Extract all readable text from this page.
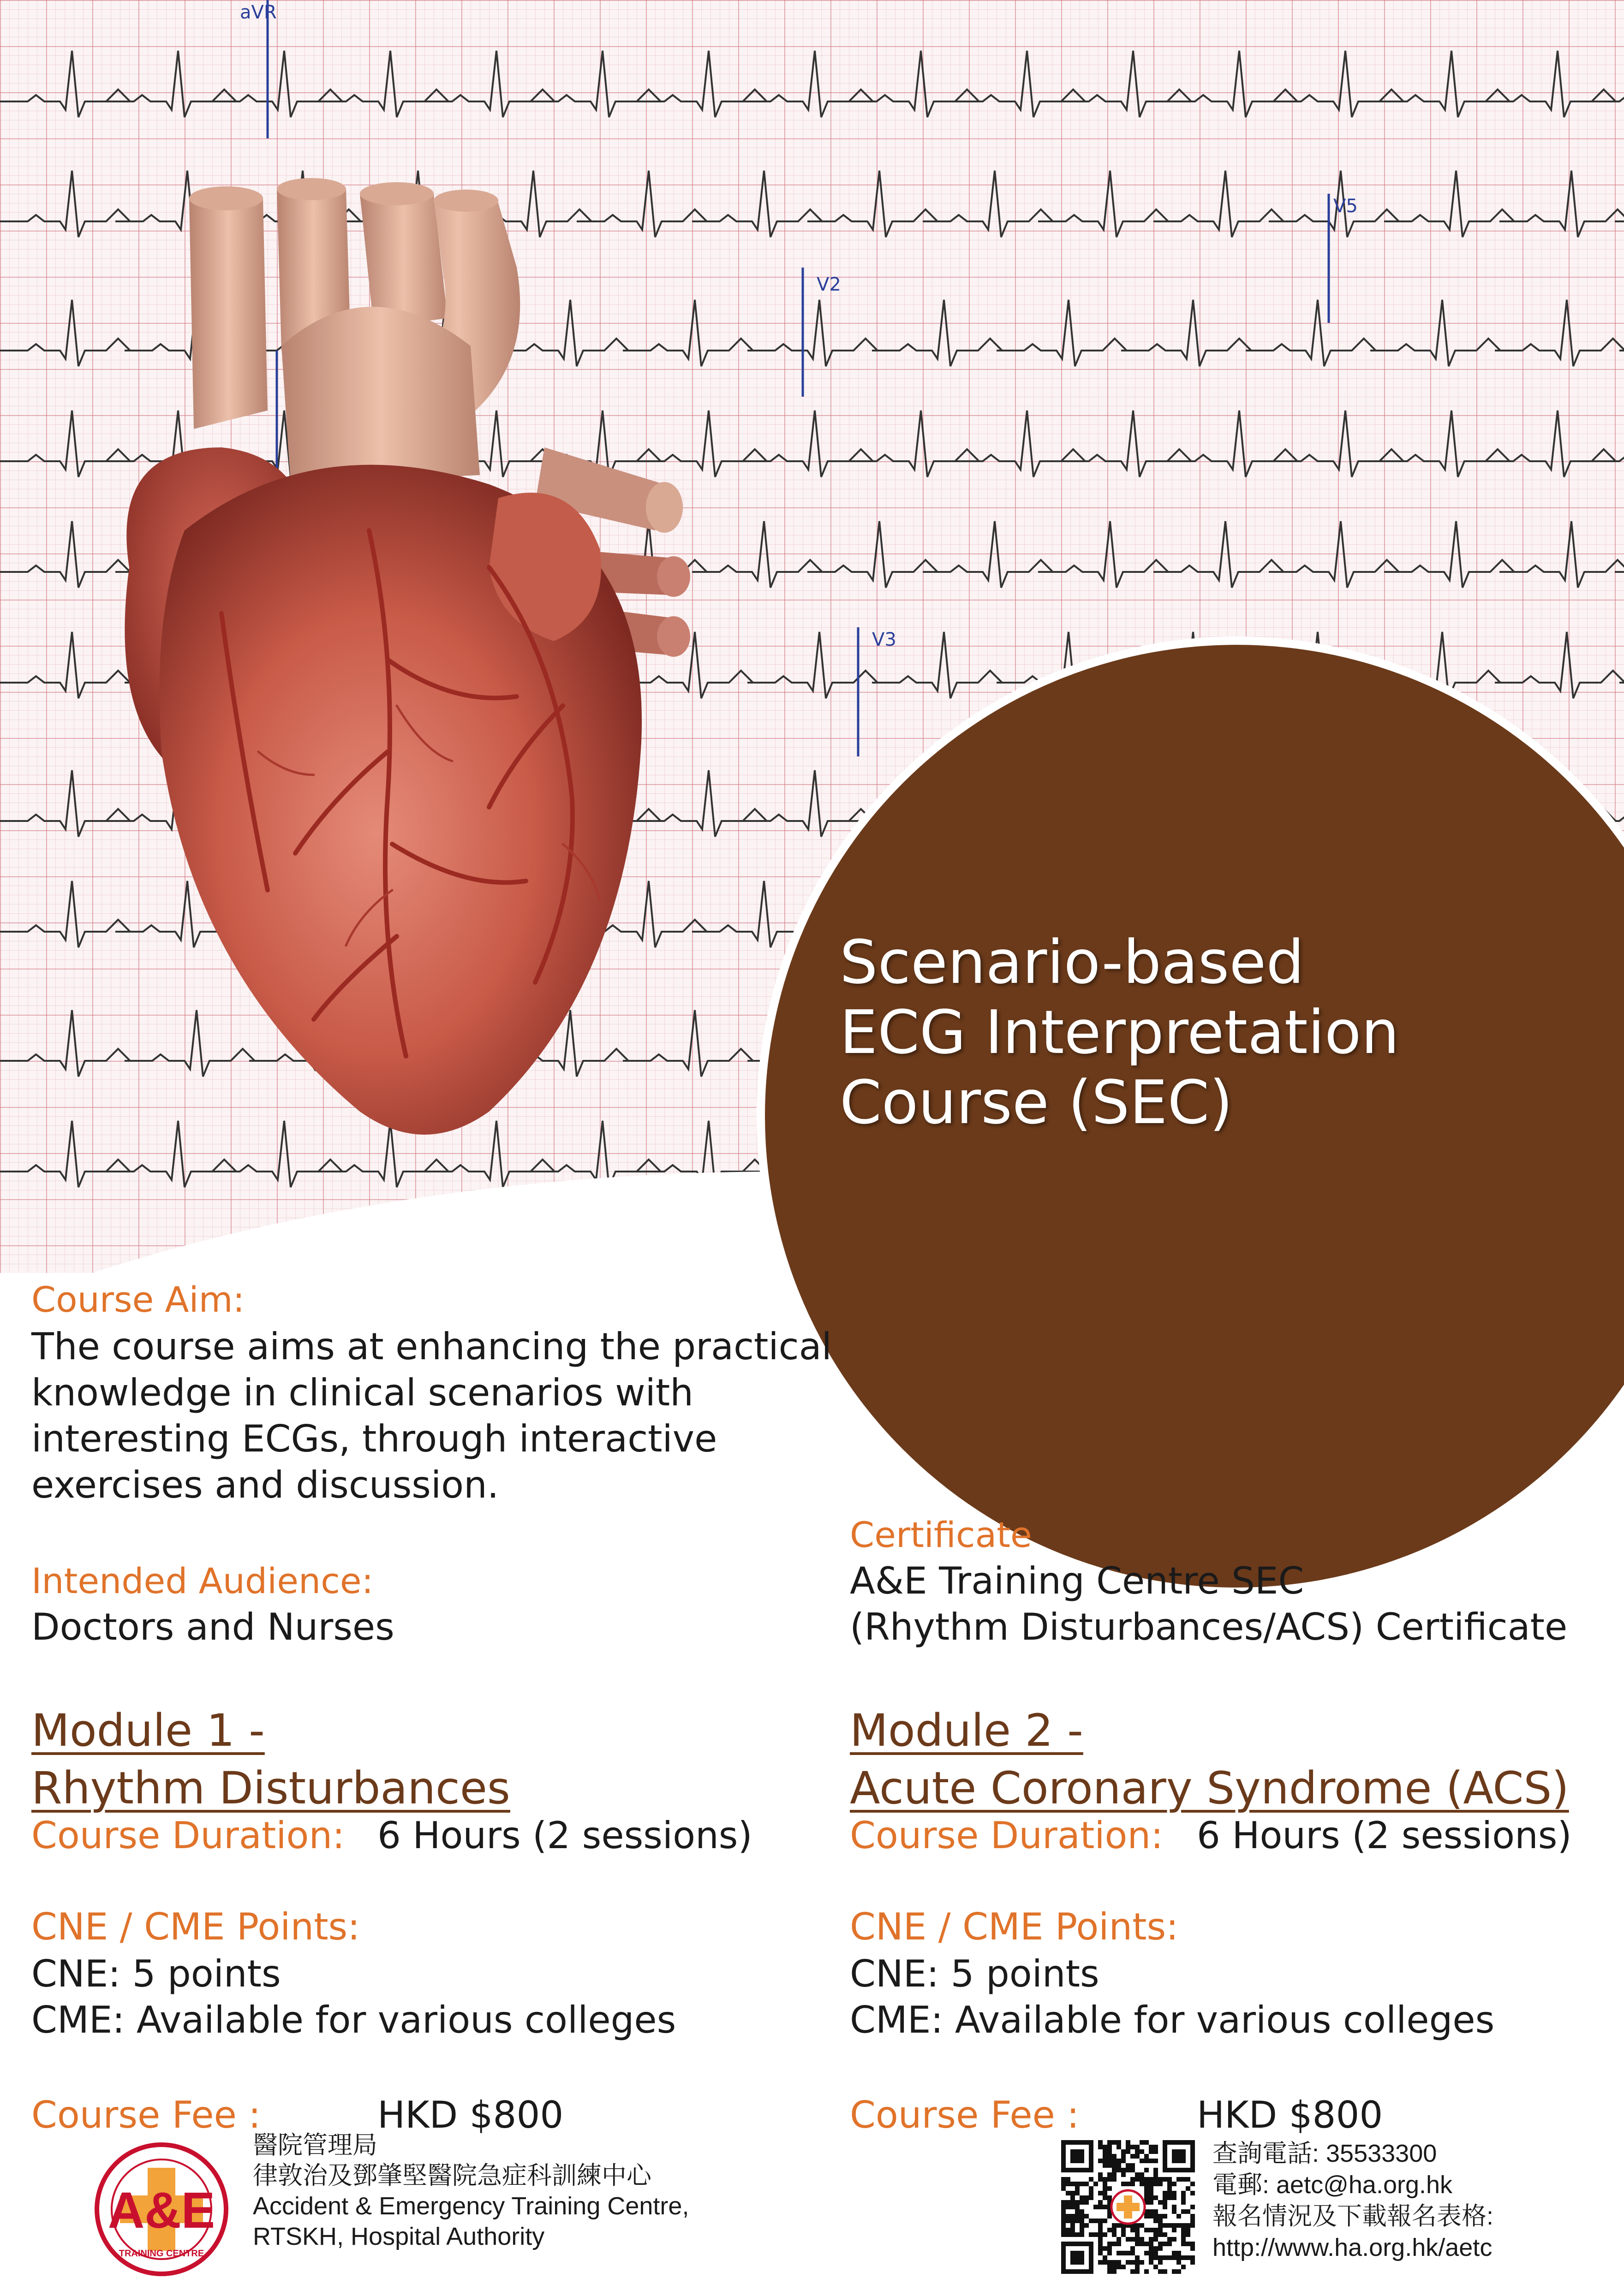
aVR
V2
V3
V5
Scenario-based
ECG Interpretation
Course (SEC)
Course Aim:
The course aims at enhancing the practical
knowledge in clinical scenarios with
interesting ECGs, through interactive
exercises and discussion.
Intended Audience:
Doctors and Nurses
Certificate
A&E Training Centre SEC
(Rhythm Disturbances/ACS) Certificate
Module 1 -
Rhythm Disturbances
Course Duration: 6 Hours (2 sessions)
CNE / CME Points:
CNE: 5 points
CME: Available for various colleges
Course Fee :	HKD $800
Module 2 -
Acute Coronary Syndrome (ACS)
Course Duration: 6 Hours (2 sessions)
CNE / CME Points:
CNE: 5 points
CME: Available for various colleges
Course Fee :	HKD $800
A&E
TRAINING CENTRE
醫院管理局
律敦治及鄧肇堅醫院急症科訓練中心
Accident & Emergency Training Centre,
RTSKH, Hospital Authority
查詢電話: 35533300
電郵: aetc@ha.org.hk
報名情況及下載報名表格:
http://www.ha.org.hk/aetc
